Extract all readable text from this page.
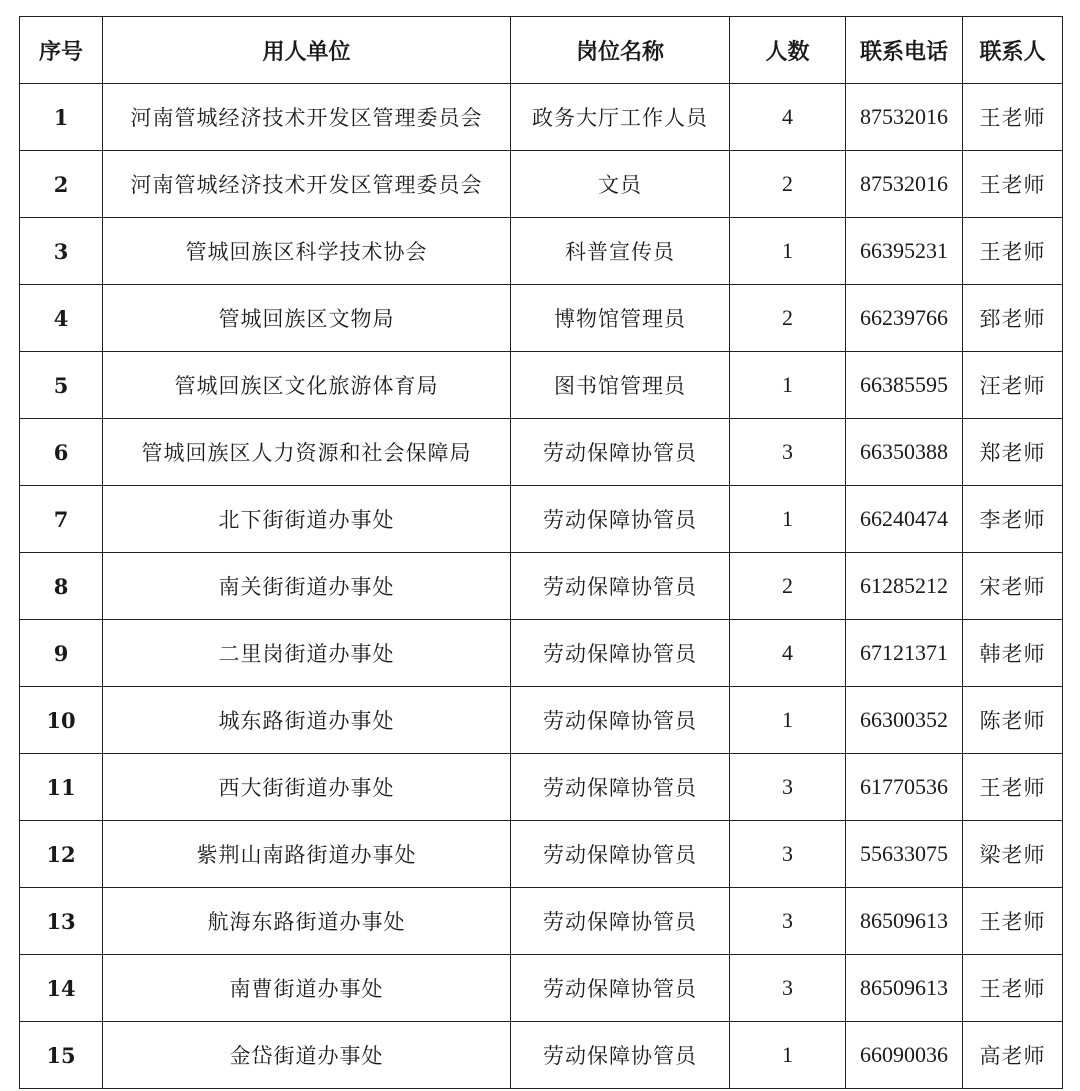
序号	用人单位	岗位名称	人数	联系电话	联系人
1	河南管城经济技术开发区管理委员会	政务大厅工作人员	4	87532016	王老师
2	河南管城经济技术开发区管理委员会	文员	2	87532016	王老师
3	管城回族区科学技术协会	科普宣传员	1	66395231	王老师
4	管城回族区文物局	博物馆管理员	2	66239766	郅老师
5	管城回族区文化旅游体育局	图书馆管理员	1	66385595	汪老师
6	管城回族区人力资源和社会保障局	劳动保障协管员	3	66350388	郑老师
7	北下街街道办事处	劳动保障协管员	1	66240474	李老师
8	南关街街道办事处	劳动保障协管员	2	61285212	宋老师
9	二里岗街道办事处	劳动保障协管员	4	67121371	韩老师
10	城东路街道办事处	劳动保障协管员	1	66300352	陈老师
11	西大街街道办事处	劳动保障协管员	3	61770536	王老师
12	紫荆山南路街道办事处	劳动保障协管员	3	55633075	梁老师
13	航海东路街道办事处	劳动保障协管员	3	86509613	王老师
14	南曹街道办事处	劳动保障协管员	3	86509613	王老师
15	金岱街道办事处	劳动保障协管员	1	66090036	高老师
